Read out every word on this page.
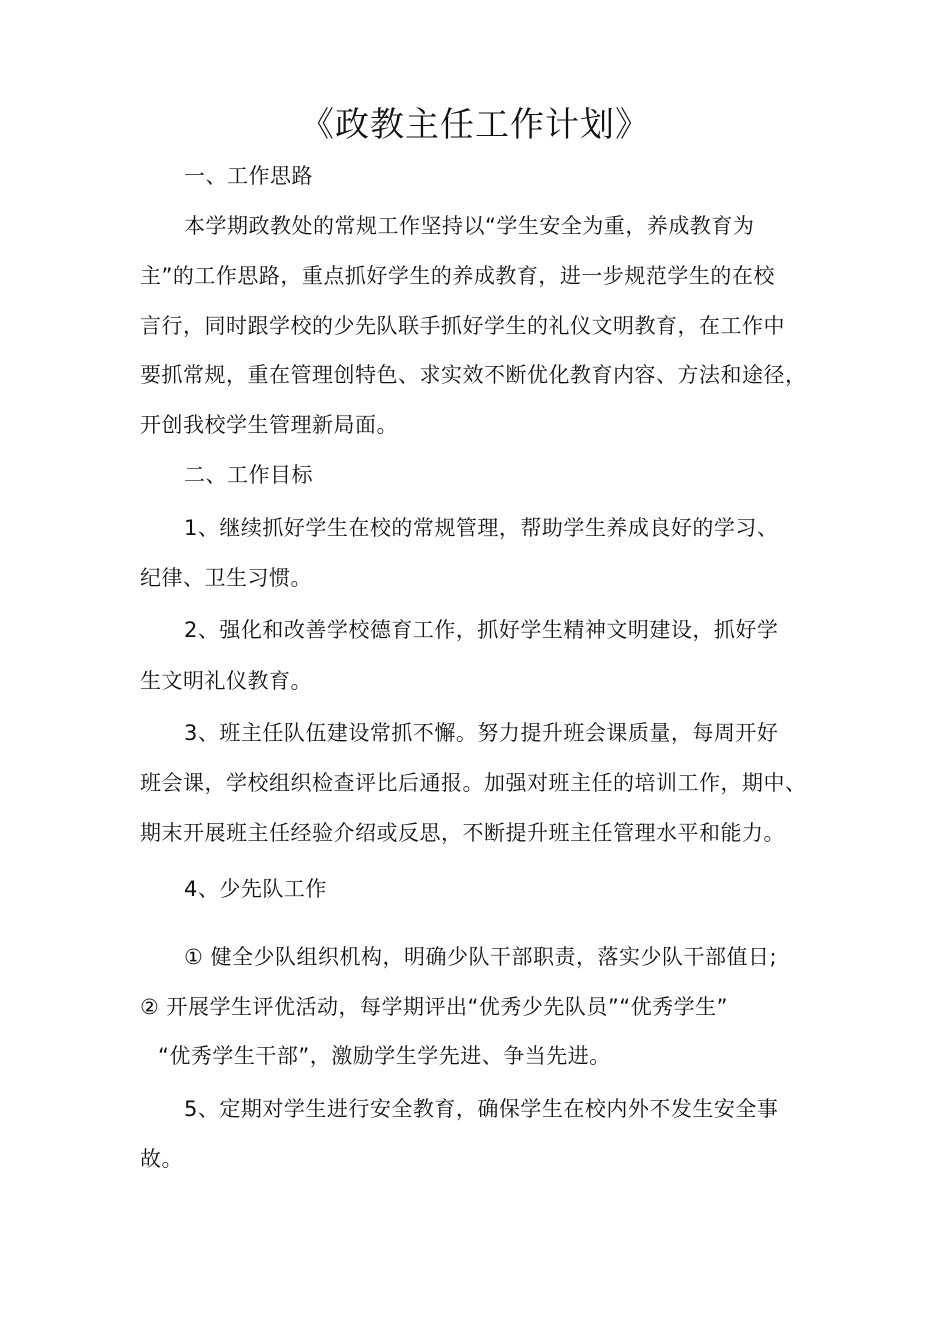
《政教主任工作计划》
一、工作思路
本学期政教处的常规工作坚持以“学生安全为重，养成教育为
主”的工作思路，重点抓好学生的养成教育，进一步规范学生的在校
言行，同时跟学校的少先队联手抓好学生的礼仪文明教育，在工作中
要抓常规，重在管理创特色、求实效不断优化教育内容、方法和途径，
开创我校学生管理新局面。
二、工作目标
1、继续抓好学生在校的常规管理，帮助学生养成良好的学习、
纪律、卫生习惯。
2、强化和改善学校德育工作，抓好学生精神文明建设，抓好学
生文明礼仪教育。
3、班主任队伍建设常抓不懈。努力提升班会课质量，每周开好
班会课，学校组织检查评比后通报。加强对班主任的培训工作，期中、
期末开展班主任经验介绍或反思，不断提升班主任管理水平和能力。
4、少先队工作
① 健全少队组织机构，明确少队干部职责，落实少队干部值日;
② 开展学生评优活动，每学期评出“优秀少先队员”“优秀学生”
“优秀学生干部”，激励学生学先进、争当先进。
5、定期对学生进行安全教育，确保学生在校内外不发生安全事
故。
